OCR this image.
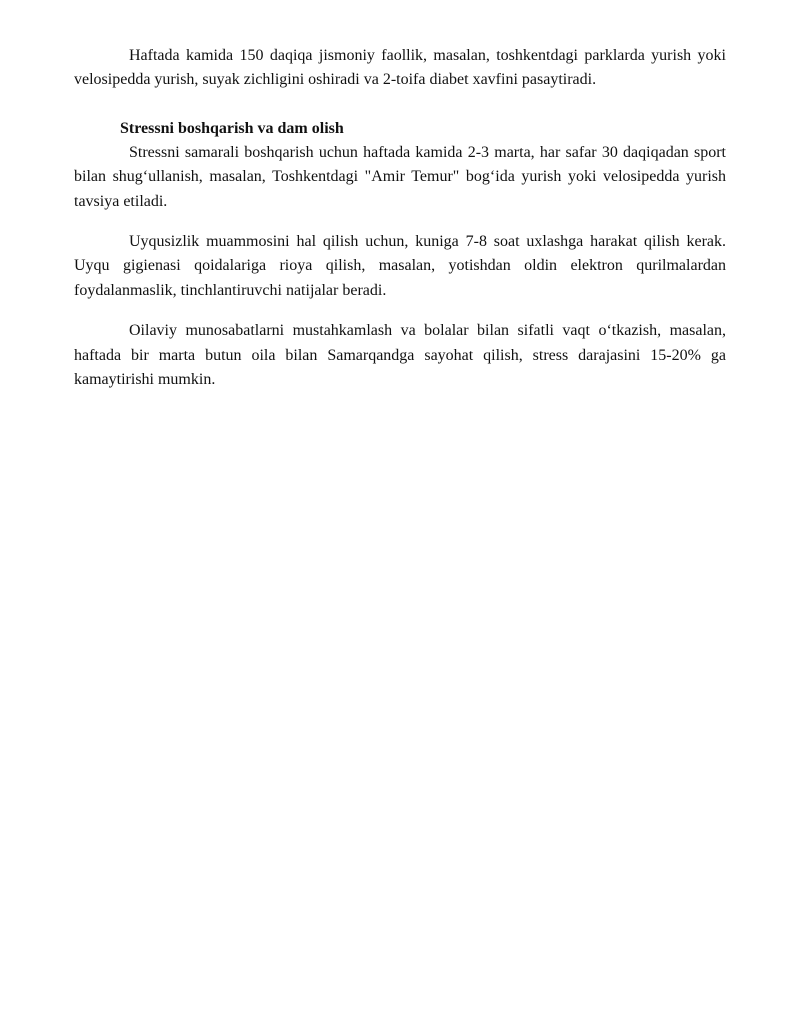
Haftada kamida 150 daqiqa jismoniy faollik, masalan, toshkentdagi parklarda yurish yoki velosipedda yurish, suyak zichligini oshiradi va 2-toifa diabet xavfini pasaytiradi.

Stressni boshqarish va dam olish

Stressni samarali boshqarish uchun haftada kamida 2-3 marta, har safar 30 daqiqadan sport bilan shug‘ullanish, masalan, Toshkentdagi "Amir Temur" bog‘ida yurish yoki velosipedda yurish tavsiya etiladi.

Uyqusizlik muammosini hal qilish uchun, kuniga 7-8 soat uxlashga harakat qilish kerak. Uyqu gigienasi qoidalariga rioya qilish, masalan, yotishdan oldin elektron qurilmalardan foydalanmaslik, tinchlantiruvchi natijalar beradi.

Oilaviy munosabatlarni mustahkamlash va bolalar bilan sifatli vaqt o‘tkazish, masalan, haftada bir marta butun oila bilan Samarqandga sayohat qilish, stress darajasini 15-20% ga kamaytirishi mumkin.
